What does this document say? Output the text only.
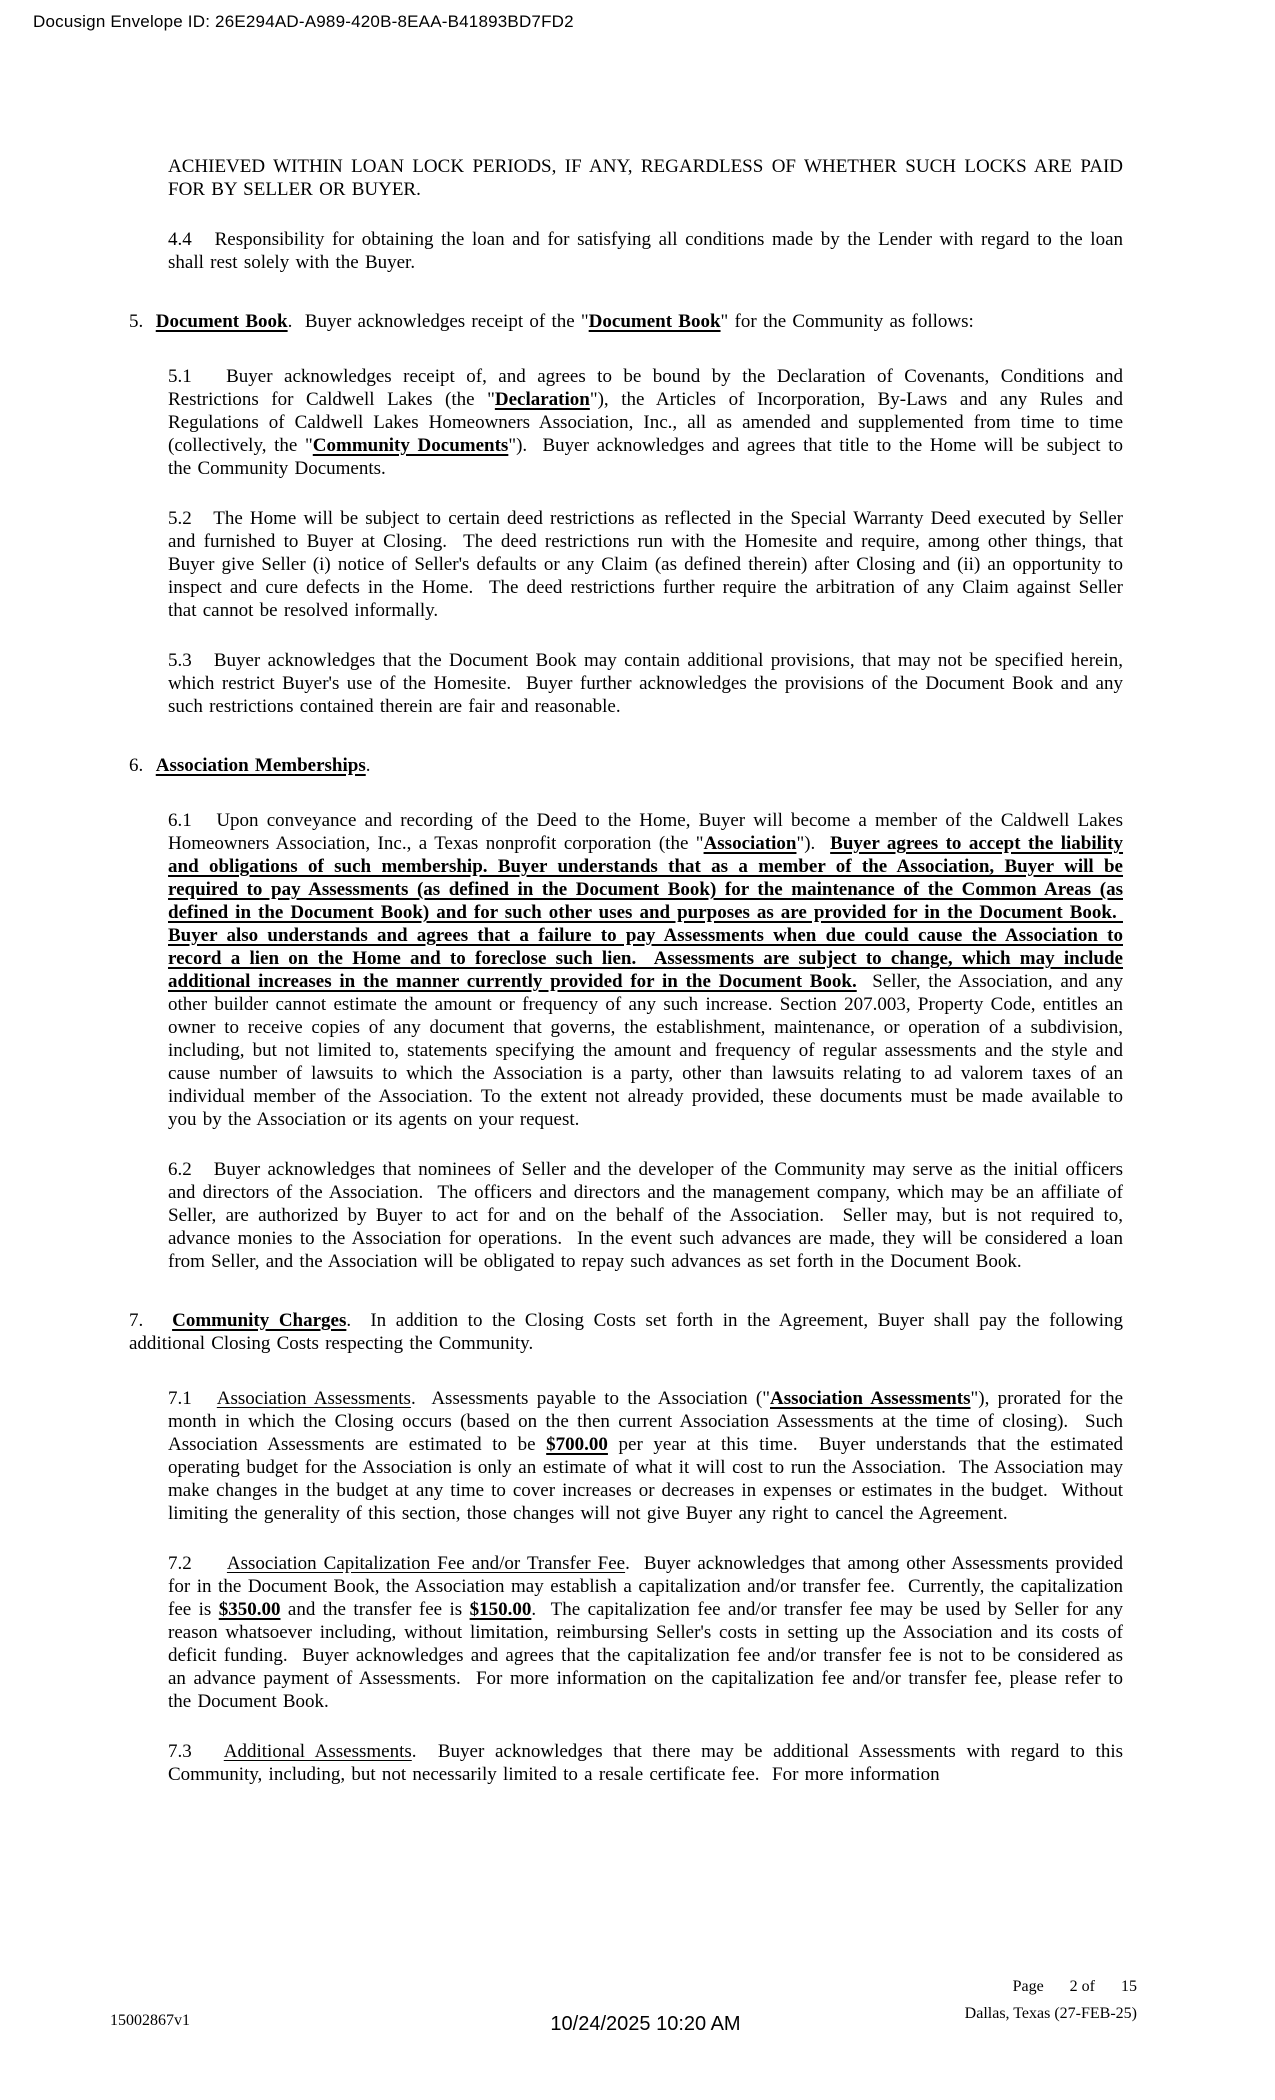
Docusign Envelope ID: 26E294AD-A989-420B-8EAA-B41893BD7FD2
ACHIEVED WITHIN LOAN LOCK PERIODS, IF ANY, REGARDLESS OF WHETHER SUCH LOCKS ARE PAID FOR BY SELLER OR BUYER.
4.4   Responsibility for obtaining the loan and for satisfying all conditions made by the Lender with regard to the loan shall rest solely with the Buyer.
5.  Document Book.  Buyer acknowledges receipt of the "Document Book" for the Community as follows:
5.1   Buyer acknowledges receipt of, and agrees to be bound by the Declaration of Covenants, Conditions and Restrictions for Caldwell Lakes (the "Declaration"), the Articles of Incorporation, By-Laws and any Rules and Regulations of Caldwell Lakes Homeowners Association, Inc., all as amended and supplemented from time to time (collectively, the "Community Documents").  Buyer acknowledges and agrees that title to the Home will be subject to the Community Documents.
5.2   The Home will be subject to certain deed restrictions as reflected in the Special Warranty Deed executed by Seller and furnished to Buyer at Closing.  The deed restrictions run with the Homesite and require, among other things, that Buyer give Seller (i) notice of Seller's defaults or any Claim (as defined therein) after Closing and (ii) an opportunity to inspect and cure defects in the Home.  The deed restrictions further require the arbitration of any Claim against Seller that cannot be resolved informally.
5.3   Buyer acknowledges that the Document Book may contain additional provisions, that may not be specified herein, which restrict Buyer's use of the Homesite.  Buyer further acknowledges the provisions of the Document Book and any such restrictions contained therein are fair and reasonable.
6.  Association Memberships.
6.1   Upon conveyance and recording of the Deed to the Home, Buyer will become a member of the Caldwell Lakes Homeowners Association, Inc., a Texas nonprofit corporation (the "Association").  Buyer agrees to accept the liability and obligations of such membership. Buyer understands that as a member of the Association, Buyer will be required to pay Assessments (as defined in the Document Book) for the maintenance of the Common Areas (as defined in the Document Book) and for such other uses and purposes as are provided for in the Document Book.  Buyer also understands and agrees that a failure to pay Assessments when due could cause the Association to record a lien on the Home and to foreclose such lien.  Assessments are subject to change, which may include additional increases in the manner currently provided for in the Document Book.  Seller, the Association, and any other builder cannot estimate the amount or frequency of any such increase. Section 207.003, Property Code, entitles an owner to receive copies of any document that governs, the establishment, maintenance, or operation of a subdivision, including, but not limited to, statements specifying the amount and frequency of regular assessments and the style and cause number of lawsuits to which the Association is a party, other than lawsuits relating to ad valorem taxes of an individual member of the Association. To the extent not already provided, these documents must be made available to you by the Association or its agents on your request.
6.2   Buyer acknowledges that nominees of Seller and the developer of the Community may serve as the initial officers and directors of the Association.  The officers and directors and the management company, which may be an affiliate of Seller, are authorized by Buyer to act for and on the behalf of the Association.  Seller may, but is not required to, advance monies to the Association for operations.  In the event such advances are made, they will be considered a loan from Seller, and the Association will be obligated to repay such advances as set forth in the Document Book.
7.   Community Charges.  In addition to the Closing Costs set forth in the Agreement, Buyer shall pay the following additional Closing Costs respecting the Community.
7.1   Association Assessments.  Assessments payable to the Association ("Association Assessments"), prorated for the month in which the Closing occurs (based on the then current Association Assessments at the time of closing).  Such Association Assessments are estimated to be $700.00 per year at this time.  Buyer understands that the estimated operating budget for the Association is only an estimate of what it will cost to run the Association.  The Association may make changes in the budget at any time to cover increases or decreases in expenses or estimates in the budget.  Without limiting the generality of this section, those changes will not give Buyer any right to cancel the Agreement.
7.2     Association Capitalization Fee and/or Transfer Fee.  Buyer acknowledges that among other Assessments provided for in the Document Book, the Association may establish a capitalization and/or transfer fee.  Currently, the capitalization fee is $350.00 and the transfer fee is $150.00.  The capitalization fee and/or transfer fee may be used by Seller for any reason whatsoever including, without limitation, reimbursing Seller's costs in setting up the Association and its costs of deficit funding.  Buyer acknowledges and agrees that the capitalization fee and/or transfer fee is not to be considered as an advance payment of Assessments.  For more information on the capitalization fee and/or transfer fee, please refer to the Document Book.
7.3   Additional Assessments.  Buyer acknowledges that there may be additional Assessments with regard to this Community, including, but not necessarily limited to a resale certificate fee.  For more information
Page 2 of 15
Dallas, Texas (27-FEB-25)
15002867v1	10/24/2025 10:20 AM
